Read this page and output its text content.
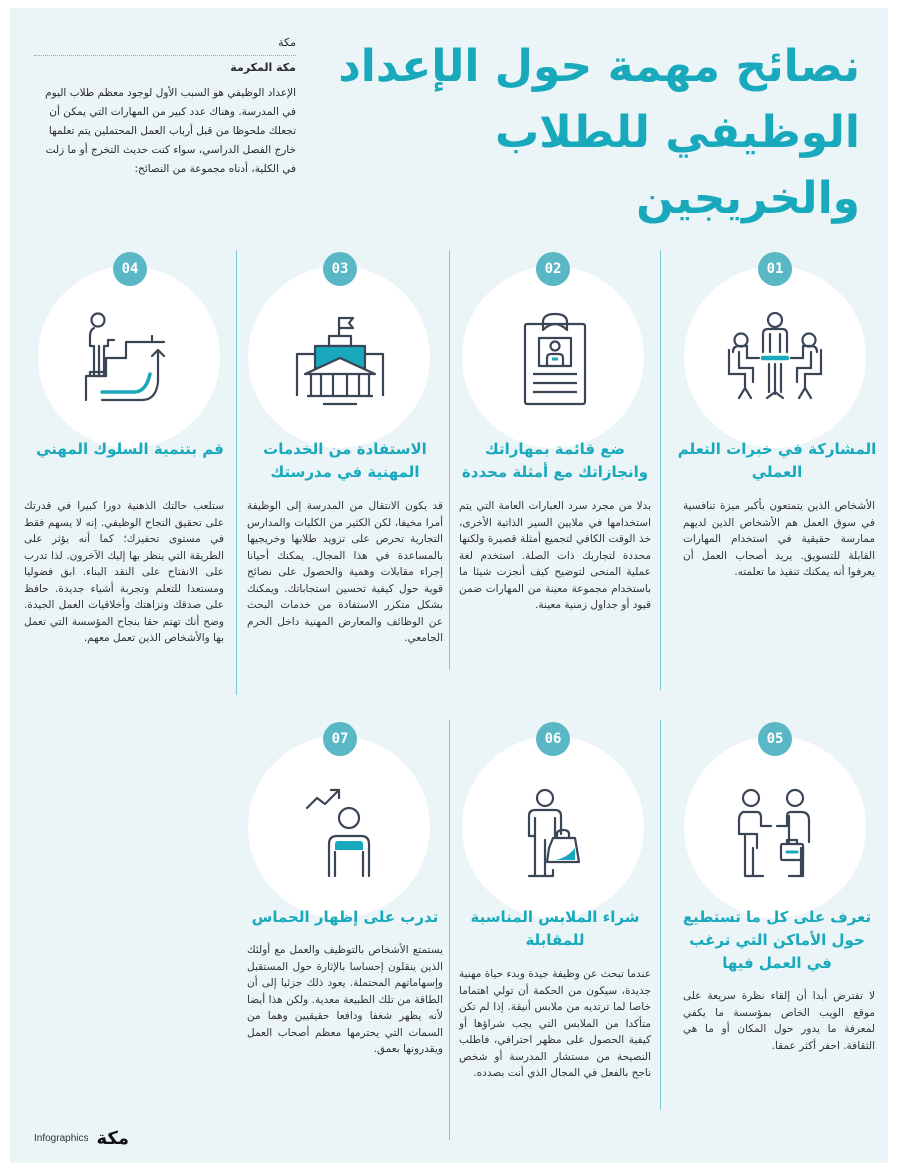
نصائح مهمة حول الإعداد
الوظيفي للطلاب والخريجين
مكة
مكة المكرمة
الإعداد الوظيفي هو السبب الأول لوجود معظم طلاب اليوم في المدرسة. وهناك عدد كبير من المهارات التي يمكن أن تجعلك ملحوظا من قبل أرباب العمل المحتملين يتم تعلمها خارج الفصل الدراسي، سواء كنت حديث التخرج أو ما زلت في الكلية، أدناه مجموعة من النصائح:
01
المشاركة في خبرات التعلم العملي
الأشخاص الذين يتمتعون بأكبر ميزة تنافسية في سوق العمل هم الأشخاص الذين لديهم ممارسة حقيقية في استخدام المهارات القابلة للتسويق. يريد أصحاب العمل أن يعرفوا أنه يمكنك تنفيذ ما تعلمته.
02
ضع قائمة بمهاراتك وانجازاتك مع أمثلة محددة
بدلا من مجرد سرد العبارات العامة التي يتم استخدامها في ملايين السير الذاتية الأخرى، خذ الوقت الكافي لتجميع أمثلة قصيرة ولكنها محددة لتجاربك ذات الصلة. استخدم لغة عملية المنحى لتوضيح كيف أنجزت شيئا ما باستخدام مجموعة معينة من المهارات ضمن قيود أو جداول زمنية معينة.
03
الاستفادة من الخدمات المهنية في مدرستك
قد يكون الانتقال من المدرسة إلى الوظيفة أمرا مخيفا، لكن الكثير من الكليات والمدارس التجارية تحرص على تزويد طلابها وخريجيها بالمساعدة في هذا المجال. يمكنك أحيانا إجراء مقابلات وهمية والحصول على نصائح قوية حول كيفية تحسين استجاباتك. ويمكنك بشكل متكرر الاستفادة من خدمات البحث عن الوظائف والمعارض المهنية داخل الحرم الجامعي.
04
قم بتنمية السلوك المهني
ستلعب حالتك الذهنية دورا كبيرا في قدرتك على تحقيق النجاح الوظيفي. إنه لا يسهم فقط في مستوى تحفيزك؛ كما أنه يؤثر على الطريقة التي ينظر بها إليك الآخرون. لذا تدرب على الانفتاح على النقد البناء. ابق فضوليا ومستعدا للتعلم وتجربة أشياء جديدة. حافظ على صدقك ونزاهتك وأخلاقيات العمل الجيدة. وضح أنك تهتم حقا بنجاح المؤسسة التي تعمل بها والأشخاص الذين تعمل معهم.
05
تعرف على كل ما تستطيع حول الأماكن التي ترغب في العمل فيها
لا تفترض أبدا أن إلقاء نظرة سريعة على موقع الويب الخاص بمؤسسة ما يكفي لمعرفة ما يدور حول المكان أو ما هي الثقافة. احفر أكثر عمقا.
06
شراء الملابس المناسبة للمقابلة
عندما تبحث عن وظيفة جيدة وبدء حياة مهنية جديدة، سيكون من الحكمة أن تولي اهتماما خاصا لما ترتديه من ملابس أنيقة. إذا لم تكن متأكدا من الملابس التي يجب شراؤها أو كيفية الحصول على مظهر احترافي، فاطلب النصيحة من مستشار المدرسة أو شخص ناجح بالفعل في المجال الذي أنت بصدده.
07
تدرب على إظهار الحماس
يستمتع الأشخاص بالتوظيف والعمل مع أولئك الذين ينقلون إحساسا بالإثارة حول المستقبل وإسهاماتهم المحتملة. يعود ذلك جزئيا إلى أن الطاقة من تلك الطبيعة معدية. ولكن هذا أيضا لأنه يظهر شغفا ودافعا حقيقيين وهما من السمات التي يحترمها معظم أصحاب العمل ويقدرونها بعمق.
Infographics مكة
